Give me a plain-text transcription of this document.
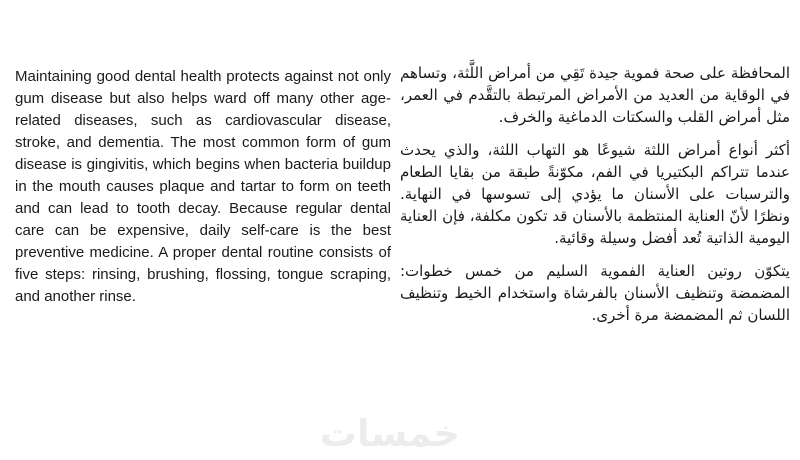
Maintaining good dental health protects against not only gum disease but also helps ward off many other age-related diseases, such as cardiovascular disease, stroke, and dementia. The most common form of gum disease is gingivitis, which begins when bacteria buildup in the mouth causes plaque and tartar to form on teeth and can lead to tooth decay. Because regular dental care can be expensive, daily self-care is the best preventive medicine. A proper dental routine consists of five steps: rinsing, brushing, flossing, tongue scraping, and another rinse.

المحافظة على صحة فموية جيدة تَقِي من أمراض اللَّثة، وتساهم في الوقاية من العديد من الأمراض المرتبطة بالتقَّدم في العمر، مثل أمراض القلب والسكتات الدماغية والخرف.

أكثر أنواع أمراض اللثة شيوعًا هو التهاب اللثة، والذي يحدث عندما تتراكم البكتيريا في الفم، مكوّنةً طبقة من بقايا الطعام والترسبات على الأسنان ما يؤدي إلى تسوسها في النهاية. ونظرًا لأنّ العناية المنتظمة بالأسنان قد تكون مكلفة، فإن العناية اليومية الذاتية تُعد أفضل وسيلة وقائية.

يتكوّن روتين العناية الفموية السليم من خمس خطوات: المضمضة وتنظيف الأسنان بالفرشاة واستخدام الخيط وتنظيف اللسان ثم المضمضة مرة أخرى.

خمسات
